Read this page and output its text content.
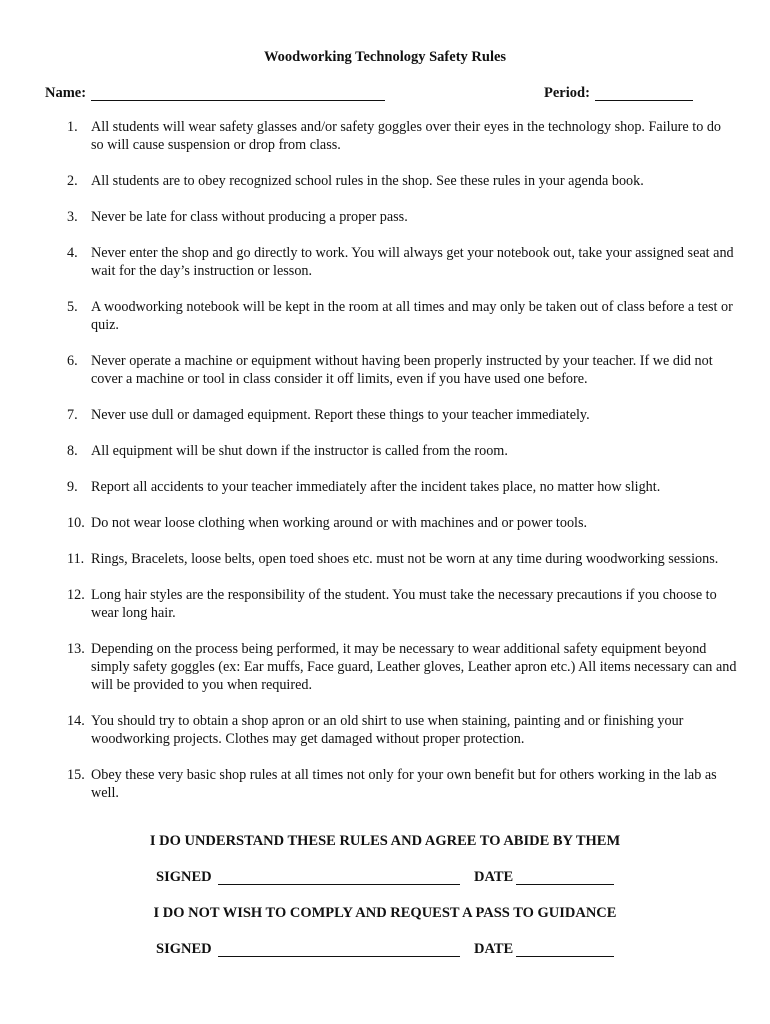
Woodworking Technology Safety Rules
Name:	Period:
1. All students will wear safety glasses and/or safety goggles over their eyes in the technology shop. Failure to do so will cause suspension or drop from class.
2. All students are to obey recognized school rules in the shop. See these rules in your agenda book.
3. Never be late for class without producing a proper pass.
4. Never enter the shop and go directly to work. You will always get your notebook out, take your assigned seat and wait for the day’s instruction or lesson.
5. A woodworking notebook will be kept in the room at all times and may only be taken out of class before a test or quiz.
6. Never operate a machine or equipment without having been properly instructed by your teacher. If we did not cover a machine or tool in class consider it off limits, even if you have used one before.
7. Never use dull or damaged equipment. Report these things to your teacher immediately.
8. All equipment will be shut down if the instructor is called from the room.
9. Report all accidents to your teacher immediately after the incident takes place, no matter how slight.
10. Do not wear loose clothing when working around or with machines and or power tools.
11. Rings, Bracelets, loose belts, open toed shoes etc. must not be worn at any time during woodworking sessions.
12. Long hair styles are the responsibility of the student. You must take the necessary precautions if you choose to wear long hair.
13. Depending on the process being performed, it may be necessary to wear additional safety equipment beyond simply safety goggles (ex: Ear muffs, Face guard, Leather gloves, Leather apron etc.) All items necessary can and will be provided to you when required.
14. You should try to obtain a shop apron or an old shirt to use when staining, painting and or finishing your woodworking projects. Clothes may get damaged without proper protection.
15. Obey these very basic shop rules at all times not only for your own benefit but for others working in the lab as well.
I DO UNDERSTAND THESE RULES AND AGREE TO ABIDE BY THEM
SIGNED	DATE
I DO NOT WISH TO COMPLY AND REQUEST A PASS TO GUIDANCE
SIGNED	DATE
